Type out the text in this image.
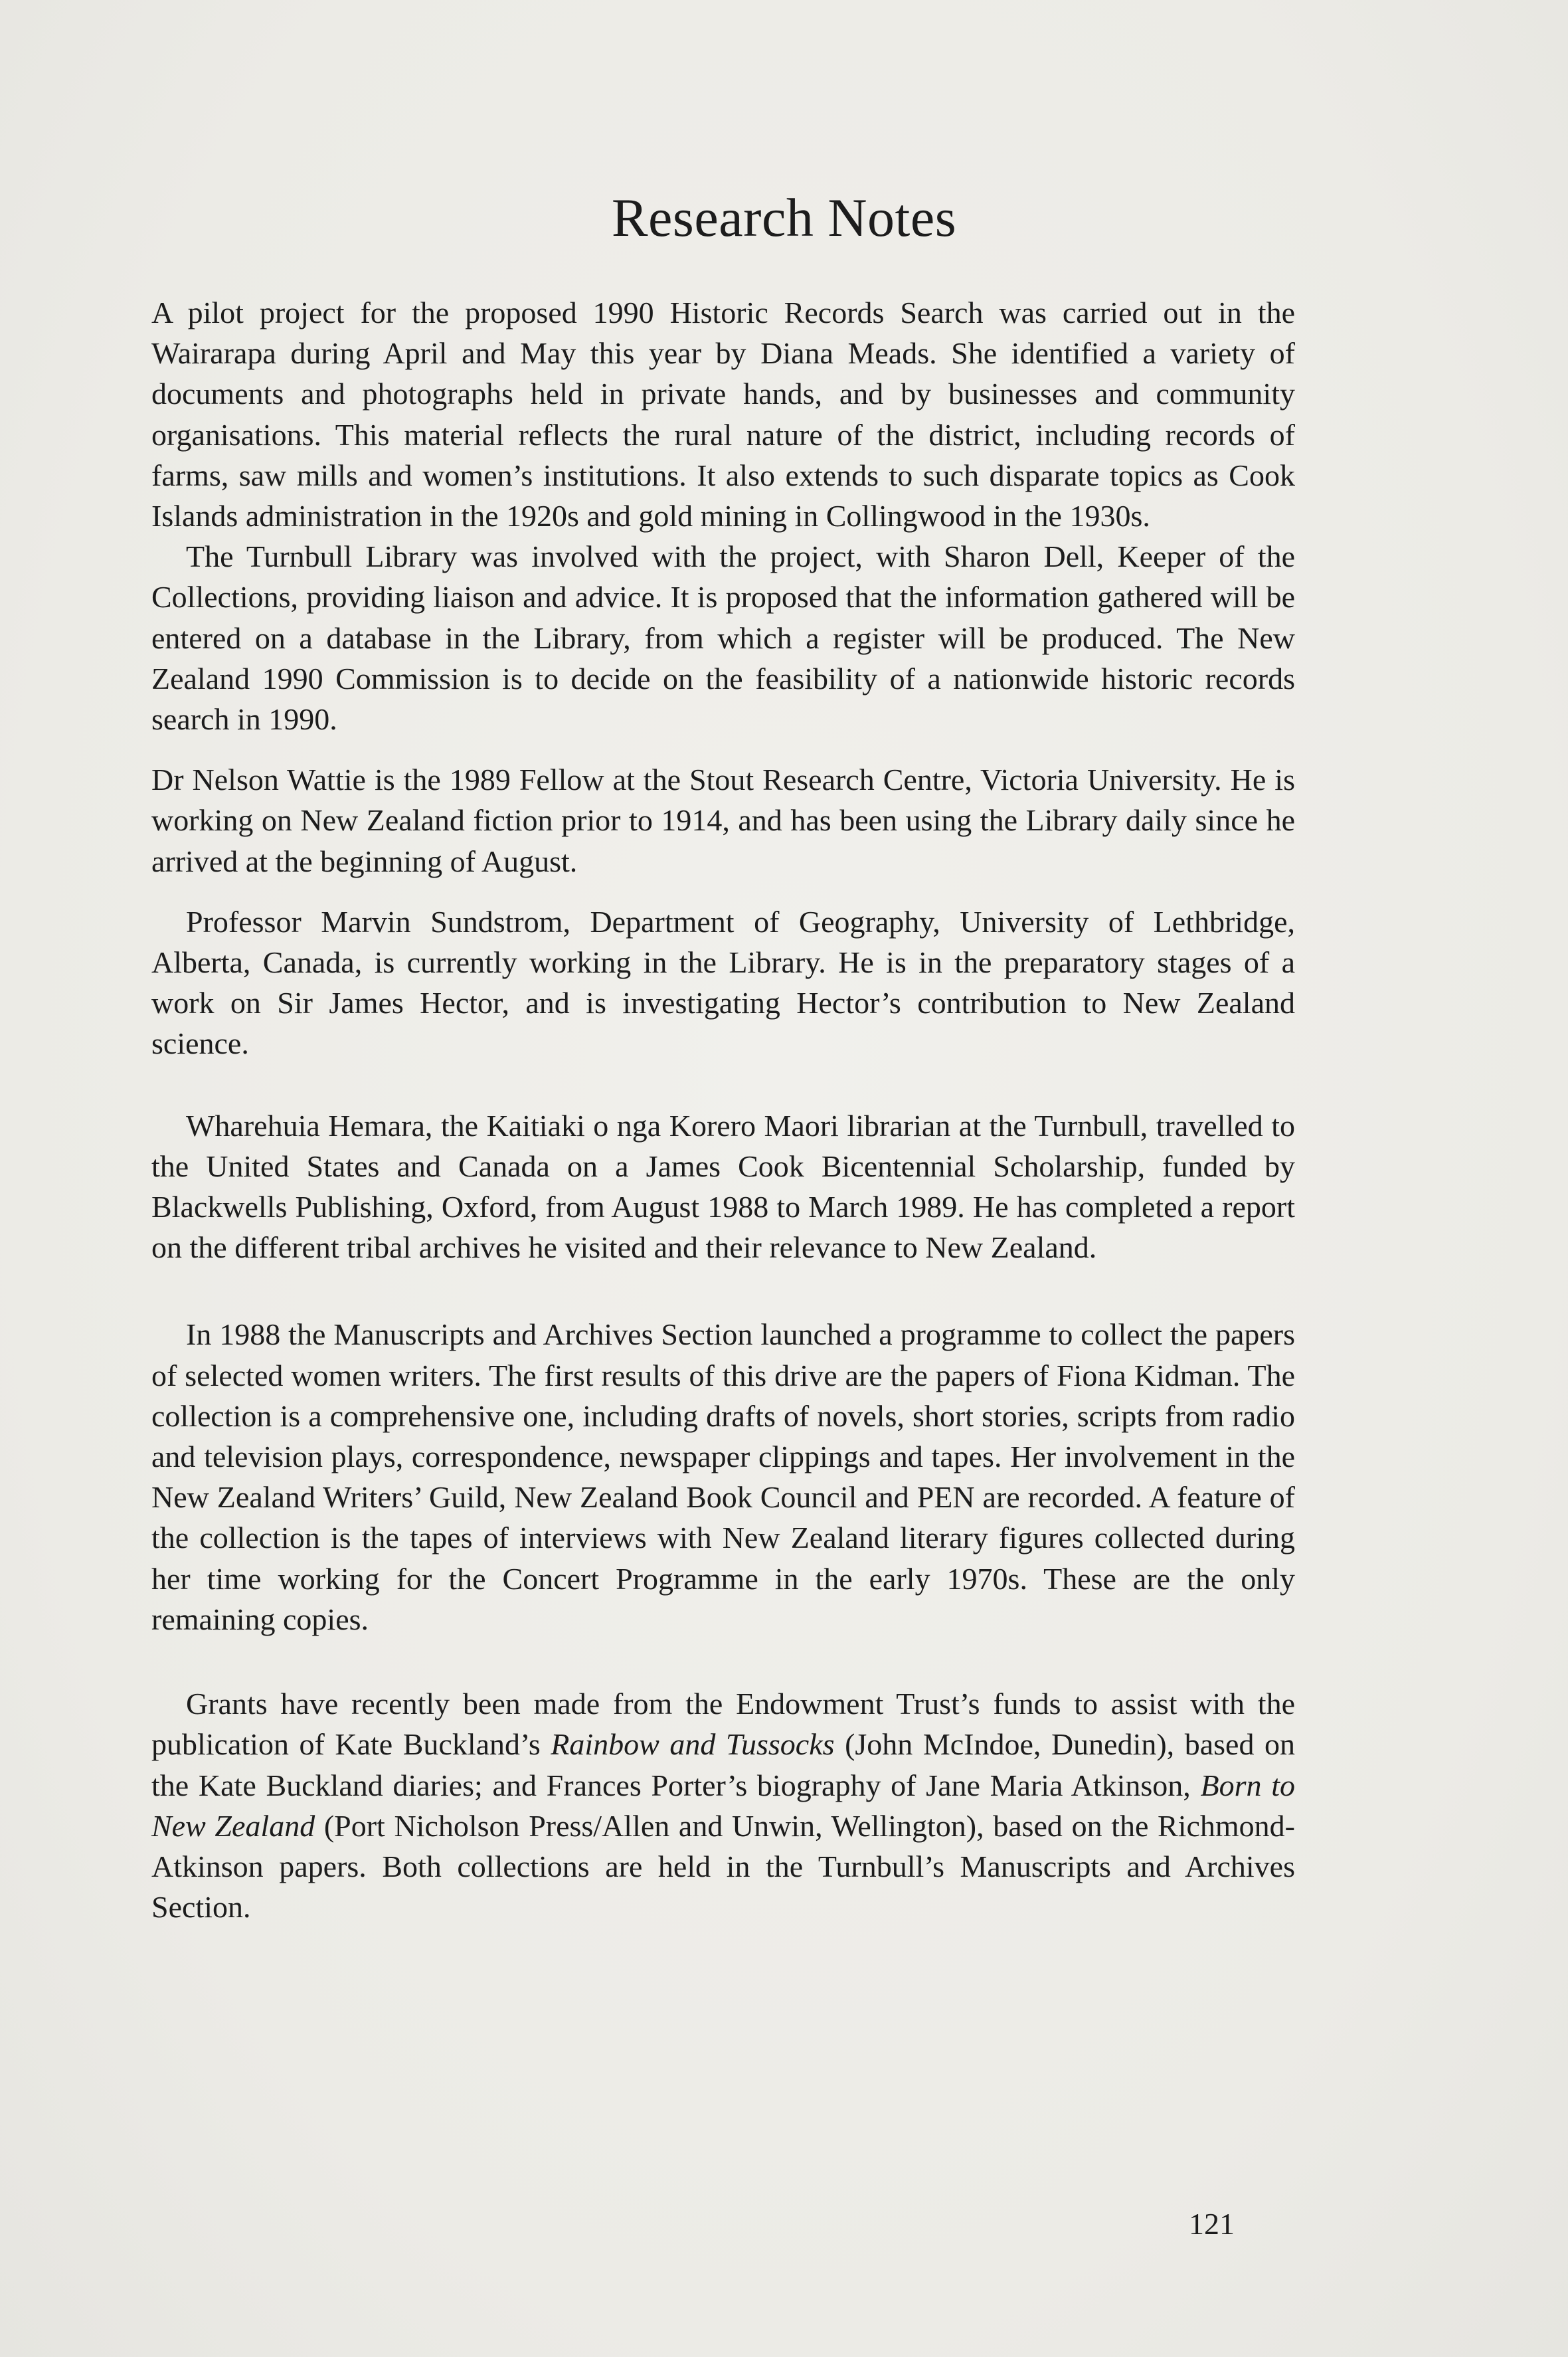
Research Notes

A pilot project for the proposed 1990 Historic Records Search was carried out in the Wairarapa during April and May this year by Diana Meads. She identified a variety of documents and photographs held in private hands, and by businesses and community organisations. This material reflects the rural nature of the district, including records of farms, saw mills and women’s institutions. It also extends to such disparate topics as Cook Islands administration in the 1920s and gold mining in Collingwood in the 1930s.

The Turnbull Library was involved with the project, with Sharon Dell, Keeper of the Collections, providing liaison and advice. It is proposed that the information gathered will be entered on a database in the Library, from which a register will be produced. The New Zealand 1990 Commission is to decide on the feasibility of a nationwide historic records search in 1990.

Dr Nelson Wattie is the 1989 Fellow at the Stout Research Centre, Victoria University. He is working on New Zealand fiction prior to 1914, and has been using the Library daily since he arrived at the beginning of August.

Professor Marvin Sundstrom, Department of Geography, University of Lethbridge, Alberta, Canada, is currently working in the Library. He is in the preparatory stages of a work on Sir James Hector, and is investigating Hector’s contribution to New Zealand science.

Wharehuia Hemara, the Kaitiaki o nga Korero Maori librarian at the Turnbull, travelled to the United States and Canada on a James Cook Bicentennial Scholarship, funded by Blackwells Publishing, Oxford, from August 1988 to March 1989. He has completed a report on the different tribal archives he visited and their relevance to New Zealand.

In 1988 the Manuscripts and Archives Section launched a programme to collect the papers of selected women writers. The first results of this drive are the papers of Fiona Kidman. The collection is a comprehensive one, including drafts of novels, short stories, scripts from radio and television plays, correspondence, newspaper clippings and tapes. Her involvement in the New Zealand Writers’ Guild, New Zealand Book Council and PEN are recorded. A feature of the collection is the tapes of interviews with New Zealand literary figures collected during her time working for the Concert Programme in the early 1970s. These are the only remaining copies.

Grants have recently been made from the Endowment Trust’s funds to assist with the publication of Kate Buckland’s Rainbow and Tussocks (John McIndoe, Dunedin), based on the Kate Buckland diaries; and Frances Porter’s biography of Jane Maria Atkinson, Born to New Zealand (Port Nicholson Press/Allen and Unwin, Wellington), based on the Richmond-Atkinson papers. Both collections are held in the Turnbull’s Manuscripts and Archives Section.

121
